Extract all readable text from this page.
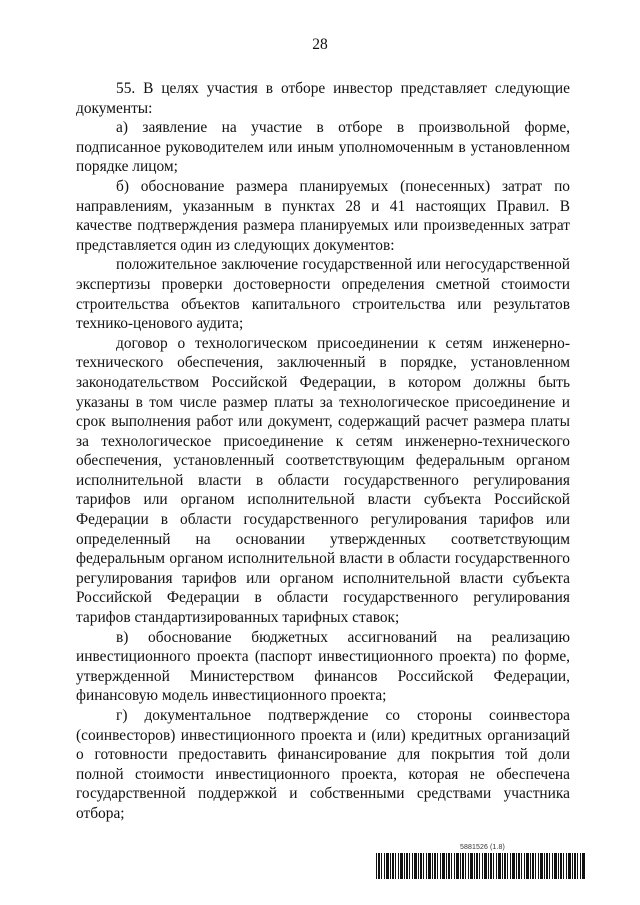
28

55. В целях участия в отборе инвестор представляет следующие документы:

а) заявление на участие в отборе в произвольной форме, подписанное руководителем или иным уполномоченным в установленном порядке лицом;

б) обоснование размера планируемых (понесенных) затрат по направлениям, указанным в пунктах 28 и 41 настоящих Правил. В качестве подтверждения размера планируемых или произведенных затрат представляется один из следующих документов:

положительное заключение государственной или негосударственной экспертизы проверки достоверности определения сметной стоимости строительства объектов капитального строительства или результатов технико-ценового аудита;

договор о технологическом присоединении к сетям инженерно-технического обеспечения, заключенный в порядке, установленном законодательством Российской Федерации, в котором должны быть указаны в том числе размер платы за технологическое присоединение и срок выполнения работ или документ, содержащий расчет размера платы за технологическое присоединение к сетям инженерно-технического обеспечения, установленный соответствующим федеральным органом исполнительной власти в области государственного регулирования тарифов или органом исполнительной власти субъекта Российской Федерации в области государственного регулирования тарифов или определенный на основании утвержденных соответствующим федеральным органом исполнительной власти в области государственного регулирования тарифов или органом исполнительной власти субъекта Российской Федерации в области государственного регулирования тарифов стандартизированных тарифных ставок;

в) обоснование бюджетных ассигнований на реализацию инвестиционного проекта (паспорт инвестиционного проекта) по форме, утвержденной Министерством финансов Российской Федерации, финансовую модель инвестиционного проекта;

г) документальное подтверждение со стороны соинвестора (соинвесторов) инвестиционного проекта и (или) кредитных организаций о готовности предоставить финансирование для покрытия той доли полной стоимости инвестиционного проекта, которая не обеспечена государственной поддержкой и собственными средствами участника отбора;

5881526 (1.8)
